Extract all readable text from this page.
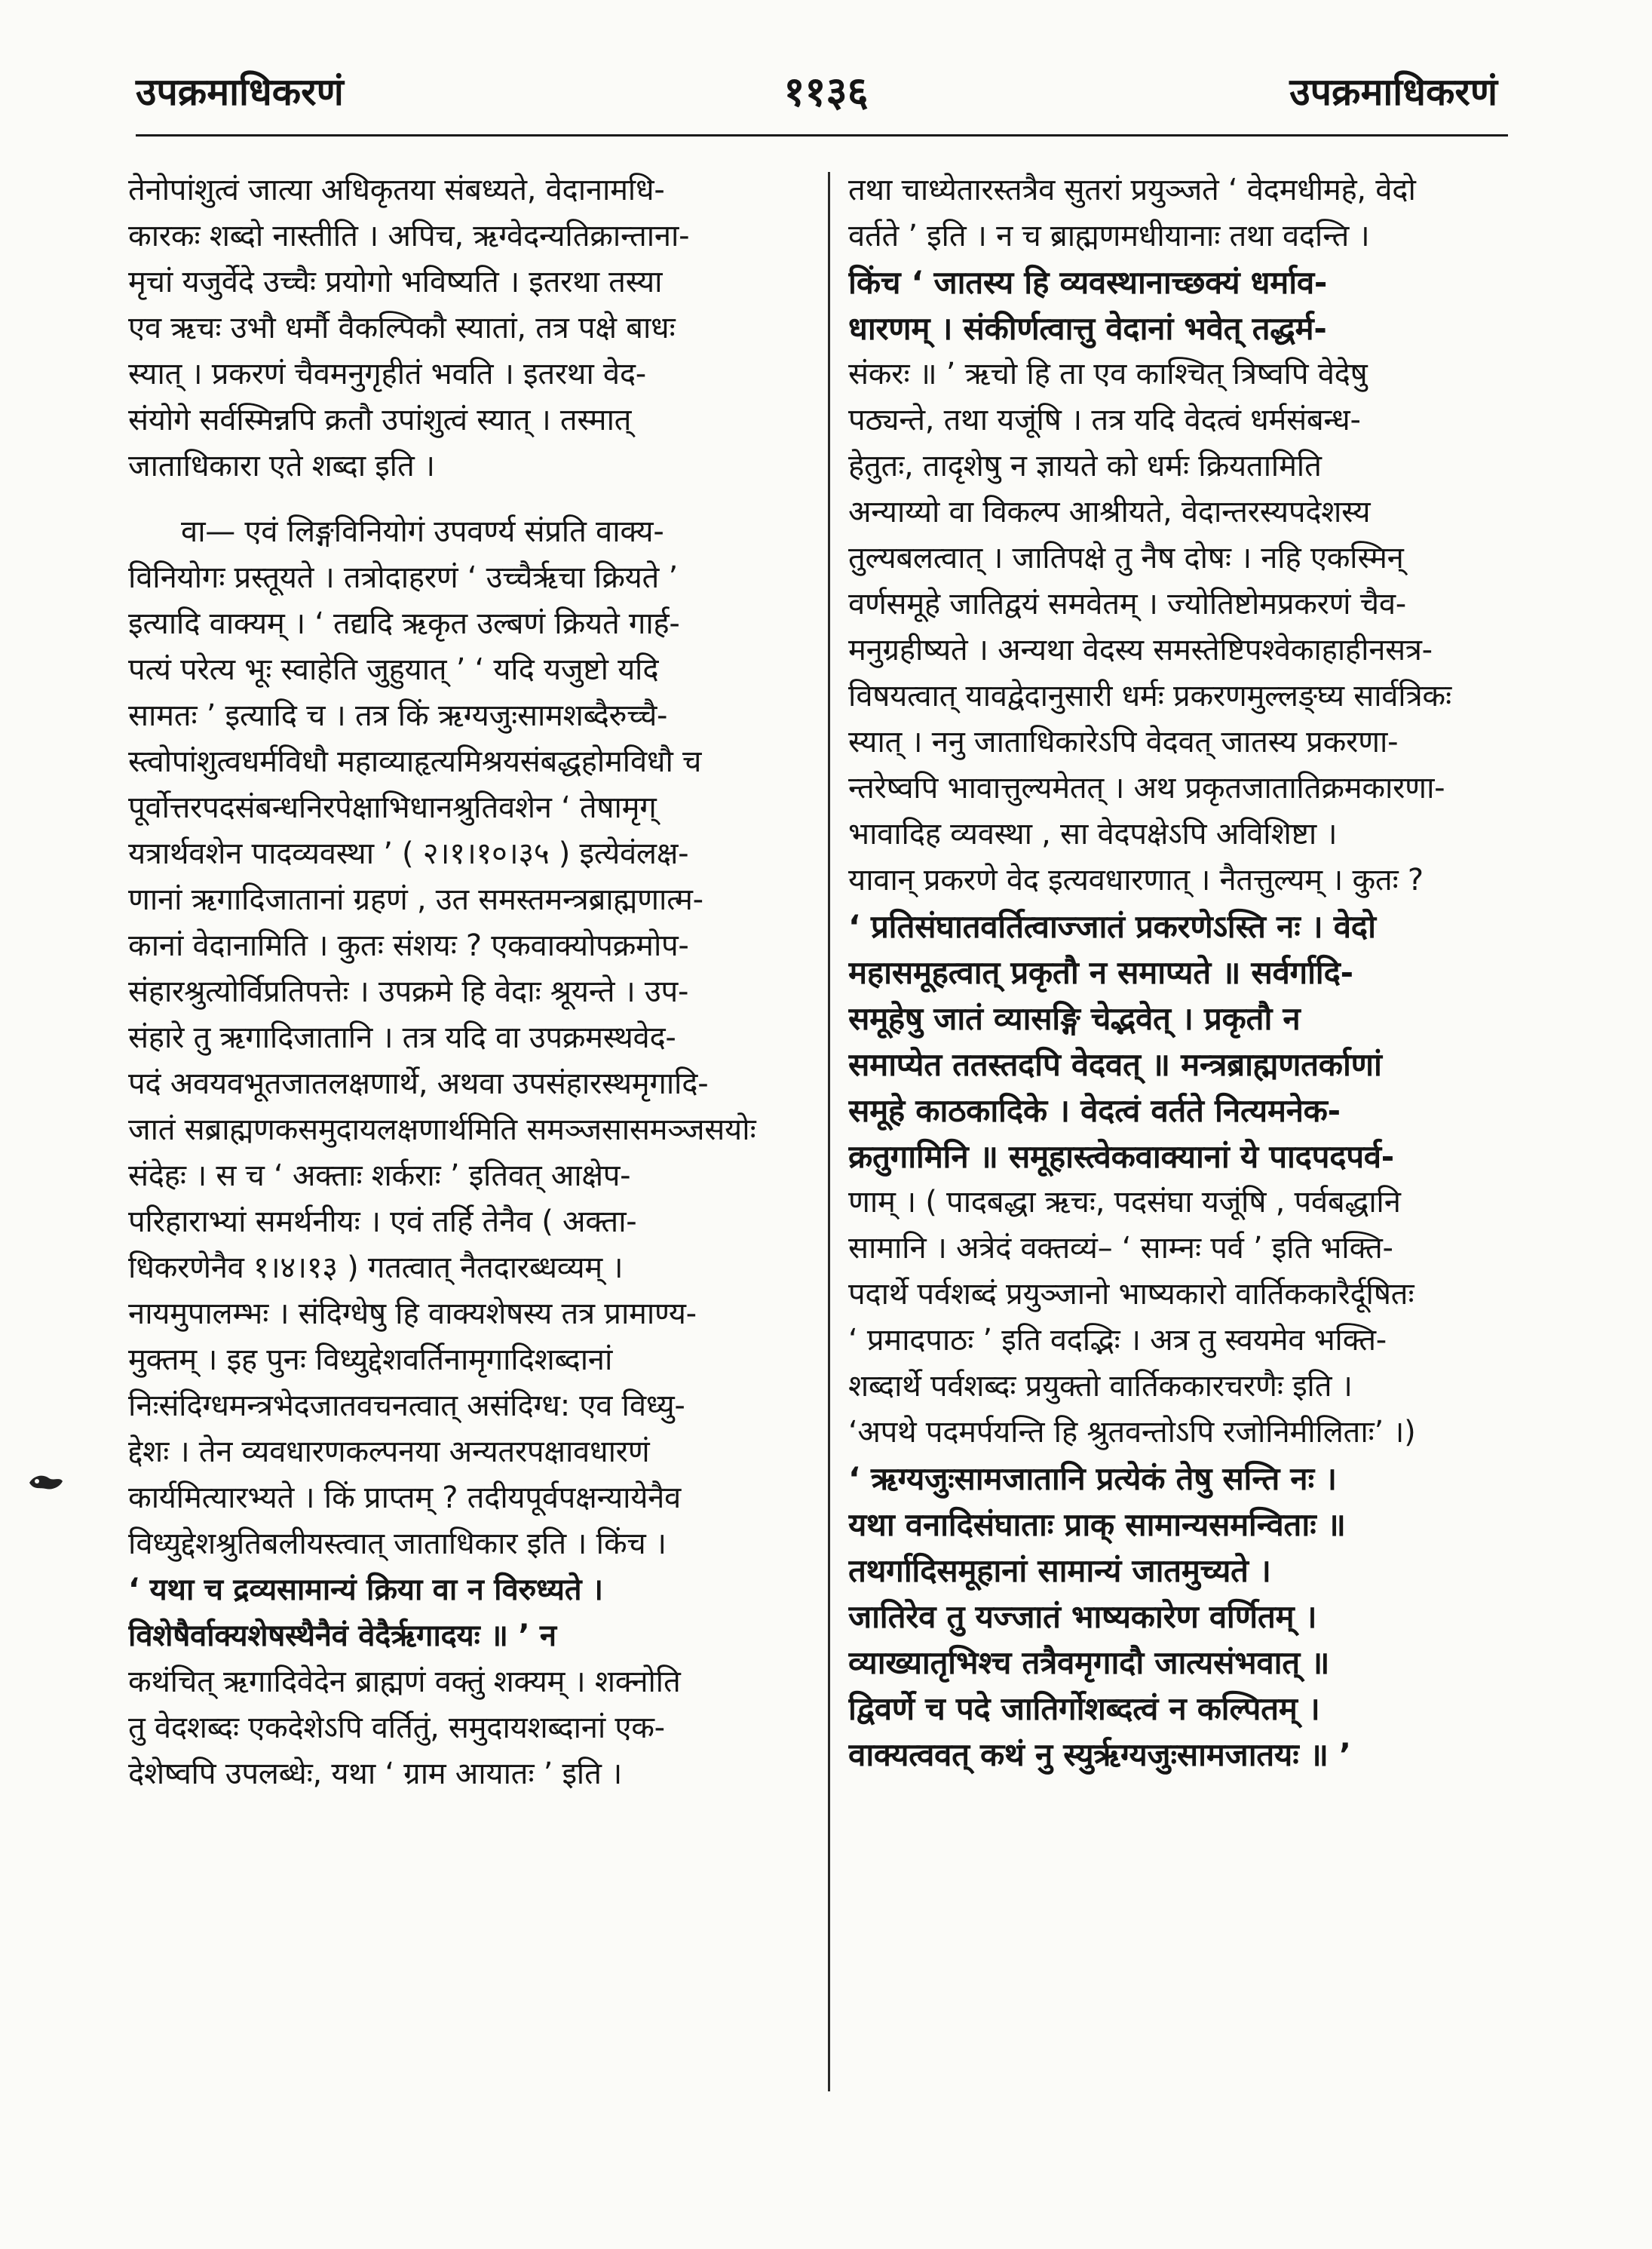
उपक्रमाधिकरणं	११३६	उपक्रमाधिकरणं
तेनोपांशुत्वं जात्या अधिकृतया संबध्यते, वेदानामधि-
कारकः शब्दो नास्तीति । अपिच, ऋग्वेदन्यतिक्रान्ताना-
मृचां यजुर्वेदे उच्चैः प्रयोगो भविष्यति । इतरथा तस्या
एव ऋचः उभौ धर्मौ वैकल्पिकौ स्यातां, तत्र पक्षे बाधः
स्यात् । प्रकरणं चैवमनुगृहीतं भवति । इतरथा वेद-
संयोगे सर्वस्मिन्नपि क्रतौ उपांशुत्वं स्यात् । तस्मात्
जाताधिकारा एते शब्दा इति ।
वा— एवं लिङ्गविनियोगं उपवर्ण्य संप्रति वाक्य-
विनियोगः प्रस्तूयते । तत्रोदाहरणं ‘ उच्चैरृचा क्रियते ’
इत्यादि वाक्यम् । ‘ तद्यदि ऋकृत उल्बणं क्रियते गार्ह-
पत्यं परेत्य भूः स्वाहेति जुहुयात् ’ ‘ यदि यजुष्टो यदि
सामतः ’ इत्यादि च । तत्र किं ऋग्यजुःसामशब्दैरुच्चै-
स्त्वोपांशुत्वधर्मविधौ महाव्याहृत्यमिश्रयसंबद्धहोमविधौ च
पूर्वोत्तरपदसंबन्धनिरपेक्षाभिधानश्रुतिवशेन ‘ तेषामृग्
यत्रार्थवशेन पादव्यवस्था ’ ( २।१।१०।३५ ) इत्येवंलक्ष-
णानां ऋगादिजातानां ग्रहणं , उत समस्तमन्त्रब्राह्मणात्म-
कानां वेदानामिति । कुतः संशयः ? एकवाक्योपक्रमोप-
संहारश्रुत्योर्विप्रतिपत्तेः । उपक्रमे हि वेदाः श्रूयन्ते । उप-
संहारे तु ऋगादिजातानि । तत्र यदि वा उपक्रमस्थवेद-
पदं अवयवभूतजातलक्षणार्थे, अथवा उपसंहारस्थमृगादि-
जातं सब्राह्मणकसमुदायलक्षणार्थमिति समञ्जसासमञ्जसयोः
संदेहः । स च ‘ अक्ताः शर्कराः ’ इतिवत् आक्षेप-
परिहाराभ्यां समर्थनीयः । एवं तर्हि तेनैव ( अक्ता-
धिकरणेनैव १।४।१३ ) गतत्वात् नैतदारब्धव्यम् ।
नायमुपालम्भः । संदिग्धेषु हि वाक्यशेषस्य तत्र प्रामाण्य-
मुक्तम् । इह पुनः विध्युद्देशवर्तिनामृगादिशब्दानां
निःसंदिग्धमन्त्रभेदजातवचनत्वात् असंदिग्ध: एव विध्यु-
द्देशः । तेन व्यवधारणकल्पनया अन्यतरपक्षावधारणं
कार्यमित्यारभ्यते । किं प्राप्तम् ? तदीयपूर्वपक्षन्यायेनैव
विध्युद्देशश्रुतिबलीयस्त्वात् जाताधिकार इति । किंच ।
‘ यथा च द्रव्यसामान्यं क्रिया वा न विरुध्यते ।
विशेषैर्वाक्यशेषस्थैनैवं वेदैरृगादयः ॥ ’ न
कथंचित् ऋगादिवेदेन ब्राह्मणं वक्तुं शक्यम् । शक्नोति
तु वेदशब्दः एकदेशेऽपि वर्तितुं, समुदायशब्दानां एक-
देशेष्वपि उपलब्धेः, यथा ‘ ग्राम आयातः ’ इति ।
तथा चाध्येतारस्तत्रैव सुतरां प्रयुञ्जते ‘ वेदमधीमहे, वेदो
वर्तते ’ इति । न च ब्राह्मणमधीयानाः तथा वदन्ति ।
किंच ‘ जातस्य हि व्यवस्थानाच्छक्यं धर्माव-
धारणम् । संकीर्णत्वात्तु वेदानां भवेत् तद्धर्म-
संकरः ॥ ’ ऋचो हि ता एव काश्चित् त्रिष्वपि वेदेषु
पठ्यन्ते, तथा यजूंषि । तत्र यदि वेदत्वं धर्मसंबन्ध-
हेतुतः, तादृशेषु न ज्ञायते को धर्मः क्रियतामिति
अन्याय्यो वा विकल्प आश्रीयते, वेदान्तरस्यपदेशस्य
तुल्यबलत्वात् । जातिपक्षे तु नैष दोषः । नहि एकस्मिन्
वर्णसमूहे जातिद्वयं समवेतम् । ज्योतिष्टोमप्रकरणं चैव-
मनुग्रहीष्यते । अन्यथा वेदस्य समस्तेष्टिपश्वेकाहाहीनसत्र-
विषयत्वात् यावद्वेदानुसारी धर्मः प्रकरणमुल्लङ्घ्य सार्वत्रिकः
स्यात् । ननु जाताधिकारेऽपि वेदवत् जातस्य प्रकरणा-
न्तरेष्वपि भावात्तुल्यमेतत् । अथ प्रकृतजातातिक्रमकारणा-
भावादिह व्यवस्था , सा वेदपक्षेऽपि अविशिष्टा ।
यावान् प्रकरणे वेद इत्यवधारणात् । नैतत्तुल्यम् । कुतः ?
‘ प्रतिसंघातवर्तित्वाज्जातं प्रकरणेऽस्ति नः । वेदो
महासमूहत्वात् प्रकृतौ न समाप्यते ॥ सर्वर्गादि-
समूहेषु जातं व्यासङ्गि चेद्भवेत् । प्रकृतौ न
समाप्येत ततस्तदपि वेदवत् ॥ मन्त्रब्राह्मणतर्काणां
समूहे काठकादिके । वेदत्वं वर्तते नित्यमनेक-
क्रतुगामिनि ॥ समूहास्त्वेकवाक्यानां ये पादपदपर्व-
णाम् । ( पादबद्धा ऋचः, पदसंघा यजूंषि , पर्वबद्धानि
सामानि । अत्रेदं वक्तव्यं– ‘ साम्नः पर्व ’ इति भक्ति-
पदार्थे पर्वशब्दं प्रयुञ्जानो भाष्यकारो वार्तिककारैर्दूषितः
‘ प्रमादपाठः ’ इति वदद्भिः । अत्र तु स्वयमेव भक्ति-
शब्दार्थे पर्वशब्दः प्रयुक्तो वार्तिककारचरणैः इति ।
‘अपथे पदमर्पयन्ति हि श्रुतवन्तोऽपि रजोनिमीलिताः’ ।)
‘ ऋग्यजुःसामजातानि प्रत्येकं तेषु सन्ति नः ।
यथा वनादिसंघाताः प्राक् सामान्यसमन्विताः ॥
तथर्गादिसमूहानां सामान्यं जातमुच्यते ।
जातिरेव तु यज्जातं भाष्यकारेण वर्णितम् ।
व्याख्यातृभिश्च तत्रैवमृगादौ जात्यसंभवात् ॥
द्विवर्णे च पदे जातिर्गोशब्दत्वं न कल्पितम् ।
वाक्यत्ववत् कथं नु स्युरृग्यजुःसामजातयः ॥ ’
